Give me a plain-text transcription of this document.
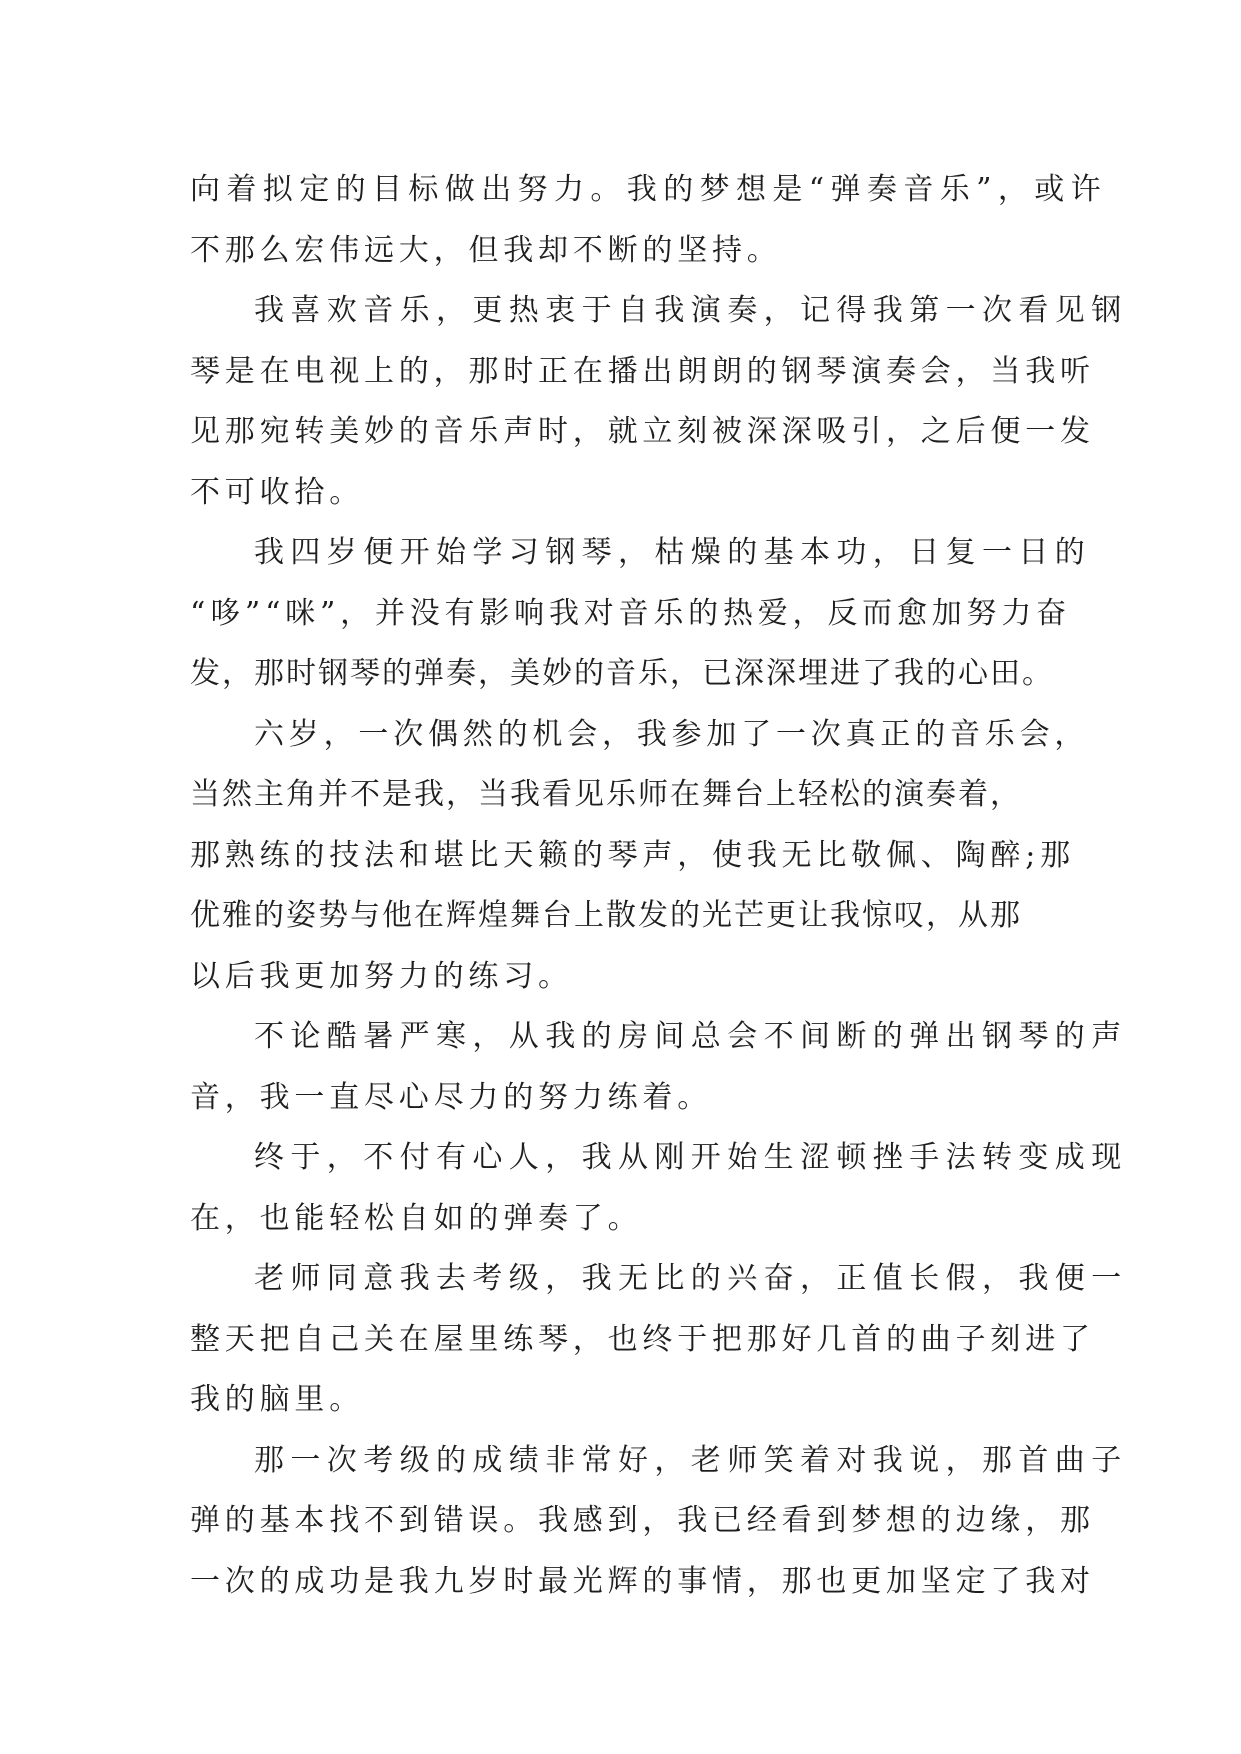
向着拟定的目标做出努力。我的梦想是“弹奏音乐”，或许
不那么宏伟远大，但我却不断的坚持。
我喜欢音乐，更热衷于自我演奏，记得我第一次看见钢
琴是在电视上的，那时正在播出朗朗的钢琴演奏会，当我听
见那宛转美妙的音乐声时，就立刻被深深吸引，之后便一发
不可收拾。
我四岁便开始学习钢琴，枯燥的基本功，日复一日的
“哆”“咪”，并没有影响我对音乐的热爱，反而愈加努力奋
发，那时钢琴的弹奏，美妙的音乐，已深深埋进了我的心田。
六岁，一次偶然的机会，我参加了一次真正的音乐会，
当然主角并不是我，当我看见乐师在舞台上轻松的演奏着，
那熟练的技法和堪比天籁的琴声，使我无比敬佩、陶醉;那
优雅的姿势与他在辉煌舞台上散发的光芒更让我惊叹，从那
以后我更加努力的练习。
不论酷暑严寒，从我的房间总会不间断的弹出钢琴的声
音，我一直尽心尽力的努力练着。
终于，不付有心人，我从刚开始生涩顿挫手法转变成现
在，也能轻松自如的弹奏了。
老师同意我去考级，我无比的兴奋，正值长假，我便一
整天把自己关在屋里练琴，也终于把那好几首的曲子刻进了
我的脑里。
那一次考级的成绩非常好，老师笑着对我说，那首曲子
弹的基本找不到错误。我感到，我已经看到梦想的边缘，那
一次的成功是我九岁时最光辉的事情，那也更加坚定了我对
